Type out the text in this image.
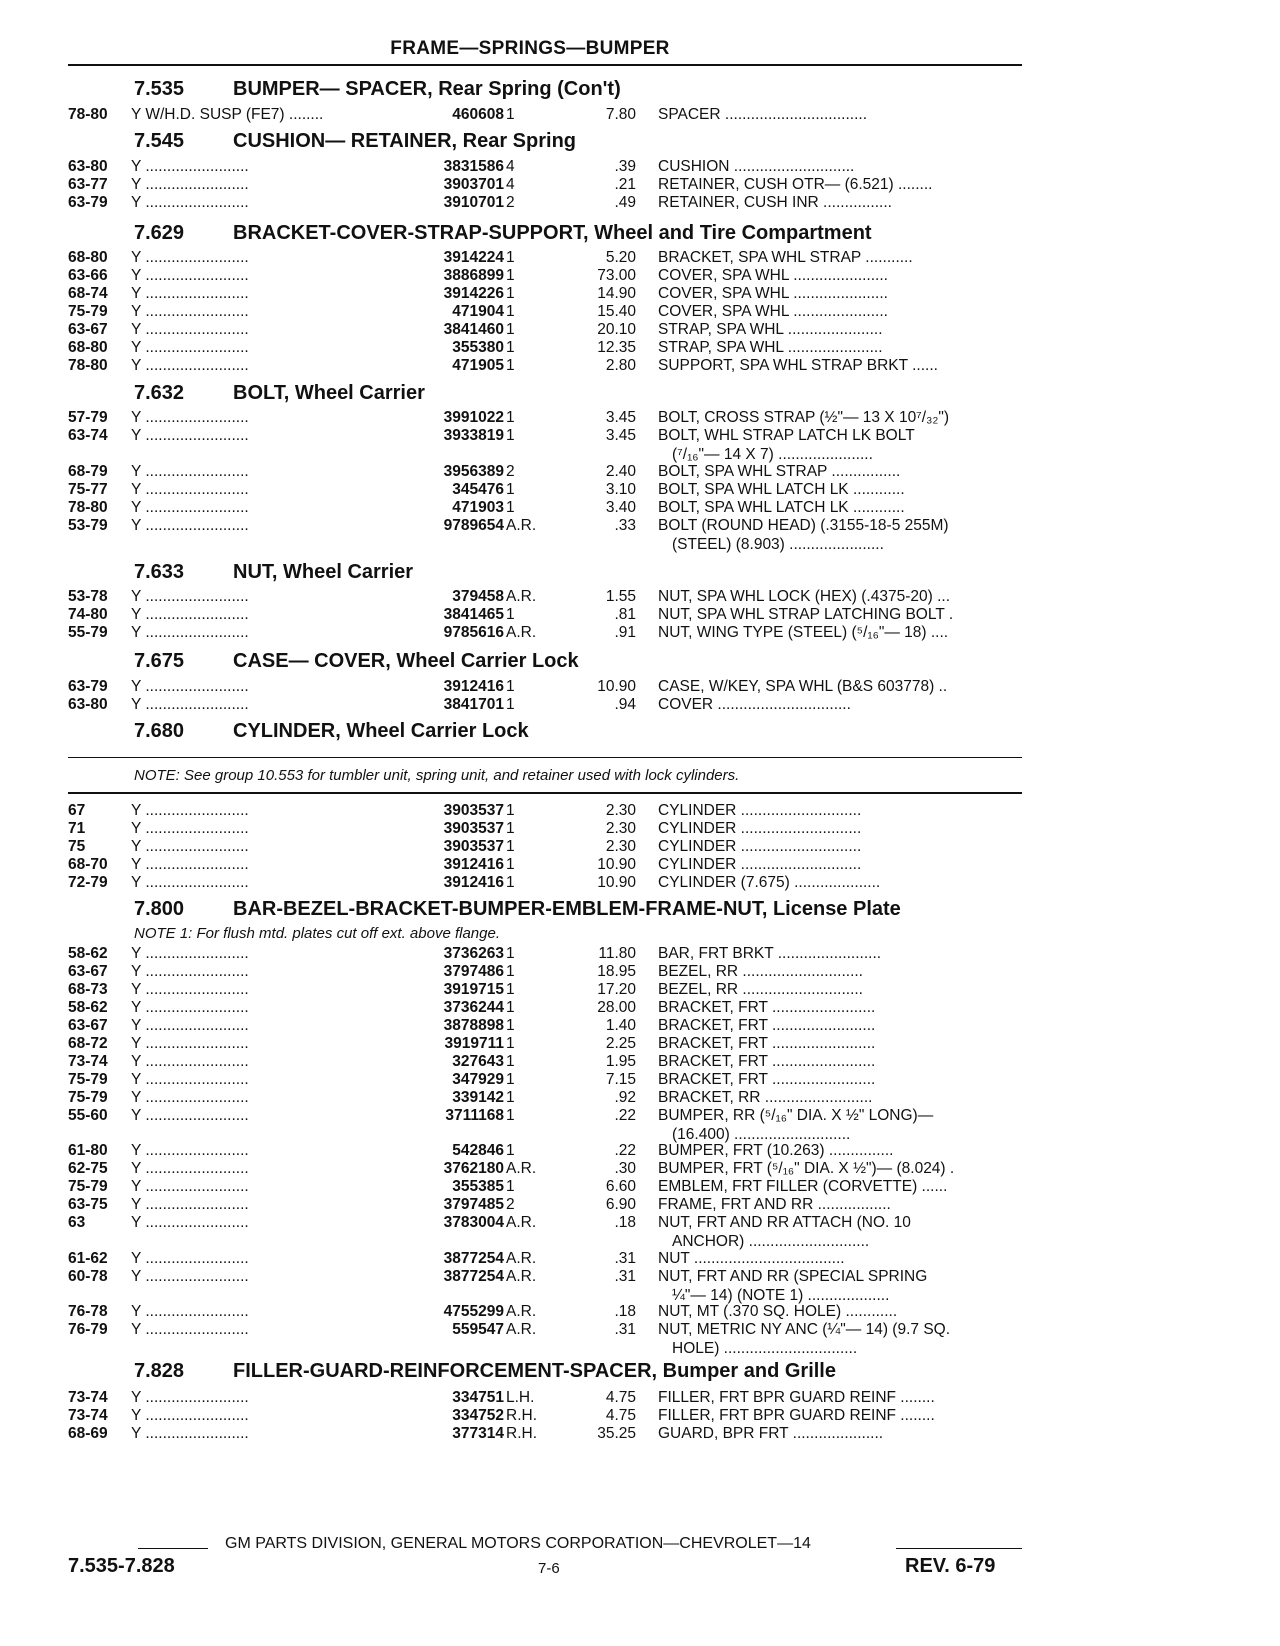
FRAME—SPRINGS—BUMPER
7.535 BUMPER— SPACER, Rear Spring (Con't)
78-80	Y W/H.D. SUSP (FE7) ........	460608 1	7.80 SPACER .................................
7.545 CUSHION— RETAINER, Rear Spring
63-80	Y ........................	3831586 4	.39 CUSHION ............................
63-77	Y ........................	3903701 4	.21 RETAINER, CUSH OTR— (6.521) ........
63-79	Y ........................	3910701 2	.49 RETAINER, CUSH INR ................
7.629 BRACKET-COVER-STRAP-SUPPORT, Wheel and Tire Compartment
68-80	Y ........................	3914224 1	5.20 BRACKET, SPA WHL STRAP ...........
63-66	Y ........................	3886899 1	73.00 COVER, SPA WHL ......................
68-74	Y ........................	3914226 1	14.90 COVER, SPA WHL ......................
75-79	Y ........................	471904 1	15.40 COVER, SPA WHL ......................
63-67	Y ........................	3841460 1	20.10 STRAP, SPA WHL ......................
68-80	Y ........................	355380 1	12.35 STRAP, SPA WHL ......................
78-80	Y ........................	471905 1	2.80 SUPPORT, SPA WHL STRAP BRKT ......
7.632 BOLT, Wheel Carrier
57-79	Y ........................	3991022 1	3.45 BOLT, CROSS STRAP (½"— 13 X 10⁷/₃₂")
63-74	Y ........................	3933819 1	3.45 BOLT, WHL STRAP LATCH LK BOLT
(⁷/₁₆"— 14 X 7) ......................
68-79	Y ........................	3956389 2	2.40 BOLT, SPA WHL STRAP ................
75-77	Y ........................	345476 1	3.10 BOLT, SPA WHL LATCH LK ............
78-80	Y ........................	471903 1	3.40 BOLT, SPA WHL LATCH LK ............
53-79	Y ........................	9789654 A.R.	.33 BOLT (ROUND HEAD) (.3155-18-5 255M)
(STEEL) (8.903) ......................
7.633 NUT, Wheel Carrier
53-78	Y ........................	379458 A.R.	1.55 NUT, SPA WHL LOCK (HEX) (.4375-20) ...
74-80	Y ........................	3841465 1	.81 NUT, SPA WHL STRAP LATCHING BOLT .
55-79	Y ........................	9785616 A.R.	.91 NUT, WING TYPE (STEEL) (⁵/₁₆"— 18) ....
7.675 CASE— COVER, Wheel Carrier Lock
63-79	Y ........................	3912416 1	10.90 CASE, W/KEY, SPA WHL (B&S 603778) ..
63-80	Y ........................	3841701 1	.94 COVER ...............................
7.680 CYLINDER, Wheel Carrier Lock
NOTE: See group 10.553 for tumbler unit, spring unit, and retainer used with lock cylinders.
67	Y ........................	3903537 1	2.30 CYLINDER ............................
71	Y ........................	3903537 1	2.30 CYLINDER ............................
75	Y ........................	3903537 1	2.30 CYLINDER ............................
68-70	Y ........................	3912416 1	10.90 CYLINDER ............................
72-79	Y ........................	3912416 1	10.90 CYLINDER (7.675) ....................
7.800 BAR-BEZEL-BRACKET-BUMPER-EMBLEM-FRAME-NUT, License Plate
NOTE 1: For flush mtd. plates cut off ext. above flange.
58-62	Y ........................	3736263 1	11.80 BAR, FRT BRKT ........................
63-67	Y ........................	3797486 1	18.95 BEZEL, RR ............................
68-73	Y ........................	3919715 1	17.20 BEZEL, RR ............................
58-62	Y ........................	3736244 1	28.00 BRACKET, FRT ........................
63-67	Y ........................	3878898 1	1.40 BRACKET, FRT ........................
68-72	Y ........................	3919711 1	2.25 BRACKET, FRT ........................
73-74	Y ........................	327643 1	1.95 BRACKET, FRT ........................
75-79	Y ........................	347929 1	7.15 BRACKET, FRT ........................
75-79	Y ........................	339142 1	.92 BRACKET, RR .........................
55-60	Y ........................	3711168 1	.22 BUMPER, RR (⁵/₁₆" DIA. X ½" LONG)—
(16.400) ...........................
61-80	Y ........................	542846 1	.22 BUMPER, FRT (10.263) ...............
62-75	Y ........................	3762180 A.R.	.30 BUMPER, FRT (⁵/₁₆" DIA. X ½")— (8.024) .
75-79	Y ........................	355385 1	6.60 EMBLEM, FRT FILLER (CORVETTE) ......
63-75	Y ........................	3797485 2	6.90 FRAME, FRT AND RR .................
63	Y ........................	3783004 A.R.	.18 NUT, FRT AND RR ATTACH (NO. 10
ANCHOR) ............................
61-62	Y ........................	3877254 A.R.	.31 NUT ...................................
60-78	Y ........................	3877254 A.R.	.31 NUT, FRT AND RR (SPECIAL SPRING
¼"— 14) (NOTE 1) ...................
76-78	Y ........................	4755299 A.R.	.18 NUT, MT (.370 SQ. HOLE) ............
76-79	Y ........................	559547 A.R.	.31 NUT, METRIC NY ANC (¼"— 14) (9.7 SQ.
HOLE) ...............................
7.828 FILLER-GUARD-REINFORCEMENT-SPACER, Bumper and Grille
73-74	Y ........................	334751 L.H.	4.75 FILLER, FRT BPR GUARD REINF ........
73-74	Y ........................	334752 R.H.	4.75 FILLER, FRT BPR GUARD REINF ........
68-69	Y ........................	377314 R.H.	35.25 GUARD, BPR FRT .....................
GM PARTS DIVISION, GENERAL MOTORS CORPORATION—CHEVROLET—14
7.535-7.828	7-6	REV. 6-79
